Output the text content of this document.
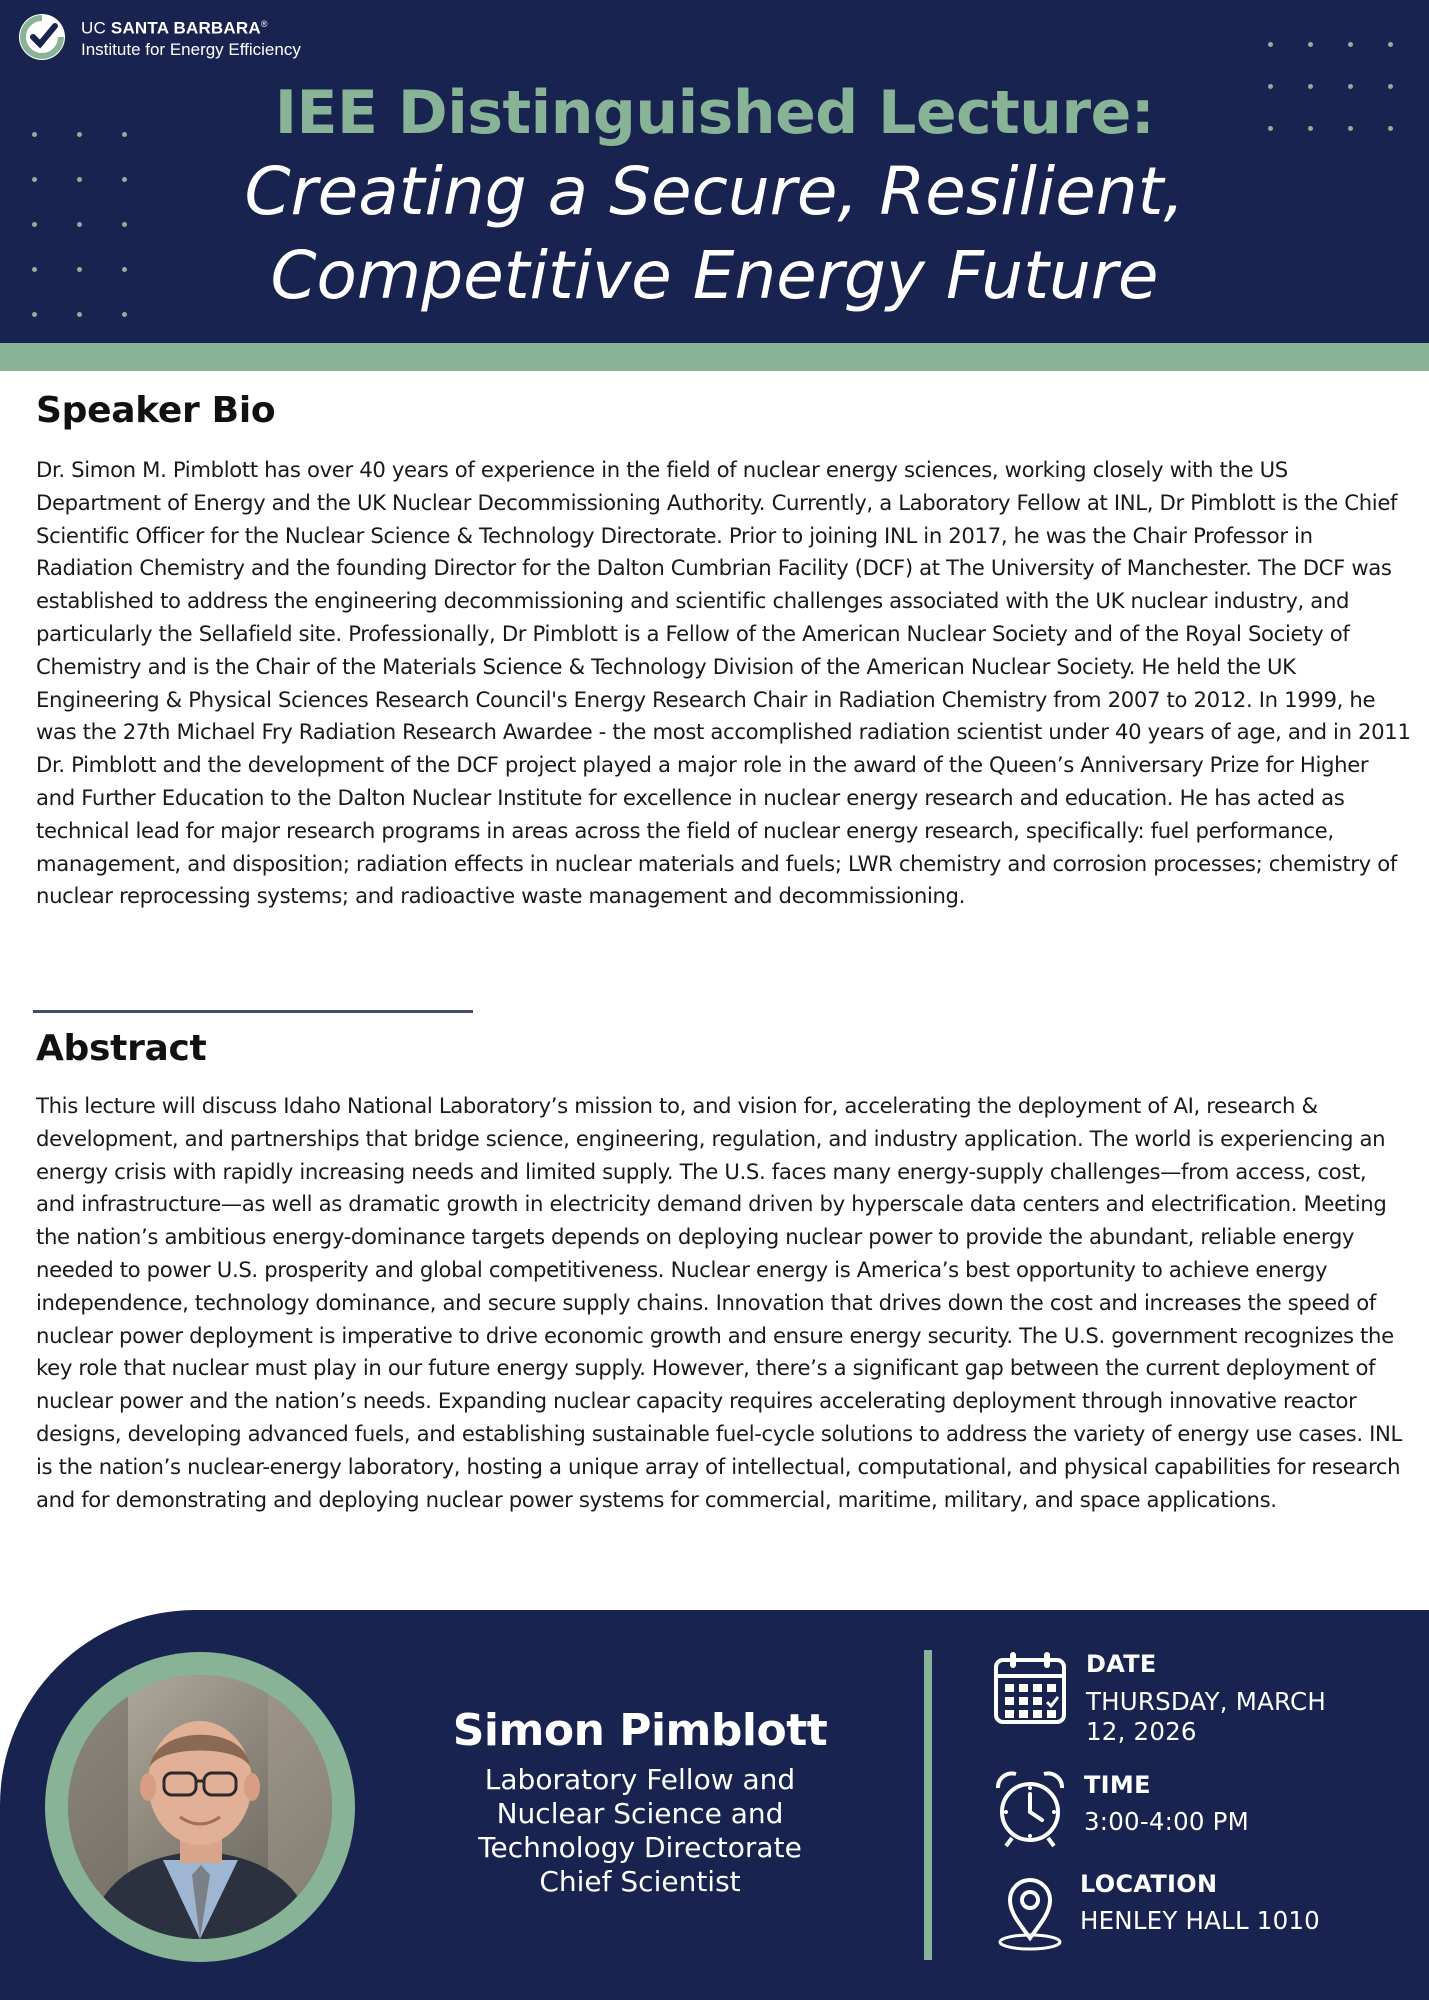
UC SANTA BARBARA®
Institute for Energy Efficiency
IEE Distinguished Lecture:
Creating a Secure, Resilient,
Competitive Energy Future
Speaker Bio
Dr. Simon M. Pimblott has over 40 years of experience in the field of nuclear energy sciences, working closely with the US Department of Energy and the UK Nuclear Decommissioning Authority. Currently, a Laboratory Fellow at INL, Dr Pimblott is the Chief Scientific Officer for the Nuclear Science & Technology Directorate. Prior to joining INL in 2017, he was the Chair Professor in Radiation Chemistry and the founding Director for the Dalton Cumbrian Facility (DCF) at The University of Manchester. The DCF was established to address the engineering decommissioning and scientific challenges associated with the UK nuclear industry, and particularly the Sellafield site. Professionally, Dr Pimblott is a Fellow of the American Nuclear Society and of the Royal Society of Chemistry and is the Chair of the Materials Science & Technology Division of the American Nuclear Society. He held the UK Engineering & Physical Sciences Research Council's Energy Research Chair in Radiation Chemistry from 2007 to 2012. In 1999, he was the 27th Michael Fry Radiation Research Awardee - the most accomplished radiation scientist under 40 years of age, and in 2011 Dr. Pimblott and the development of the DCF project played a major role in the award of the Queen’s Anniversary Prize for Higher and Further Education to the Dalton Nuclear Institute for excellence in nuclear energy research and education. He has acted as technical lead for major research programs in areas across the field of nuclear energy research, specifically: fuel performance, management, and disposition; radiation effects in nuclear materials and fuels; LWR chemistry and corrosion processes; chemistry of nuclear reprocessing systems; and radioactive waste management and decommissioning.
Abstract
This lecture will discuss Idaho National Laboratory’s mission to, and vision for, accelerating the deployment of AI, research & development, and partnerships that bridge science, engineering, regulation, and industry application. The world is experiencing an energy crisis with rapidly increasing needs and limited supply. The U.S. faces many energy-supply challenges—from access, cost, and infrastructure—as well as dramatic growth in electricity demand driven by hyperscale data centers and electrification. Meeting the nation’s ambitious energy-dominance targets depends on deploying nuclear power to provide the abundant, reliable energy needed to power U.S. prosperity and global competitiveness. Nuclear energy is America’s best opportunity to achieve energy independence, technology dominance, and secure supply chains. Innovation that drives down the cost and increases the speed of nuclear power deployment is imperative to drive economic growth and ensure energy security. The U.S. government recognizes the key role that nuclear must play in our future energy supply. However, there’s a significant gap between the current deployment of nuclear power and the nation’s needs. Expanding nuclear capacity requires accelerating deployment through innovative reactor designs, developing advanced fuels, and establishing sustainable fuel-cycle solutions to address the variety of energy use cases. INL is the nation’s nuclear-energy laboratory, hosting a unique array of intellectual, computational, and physical capabilities for research and for demonstrating and deploying nuclear power systems for commercial, maritime, military, and space applications.
Simon Pimblott
Laboratory Fellow and
Nuclear Science and
Technology Directorate
Chief Scientist
DATE
THURSDAY, MARCH
12, 2026
TIME
3:00-4:00 PM
LOCATION
HENLEY HALL 1010
